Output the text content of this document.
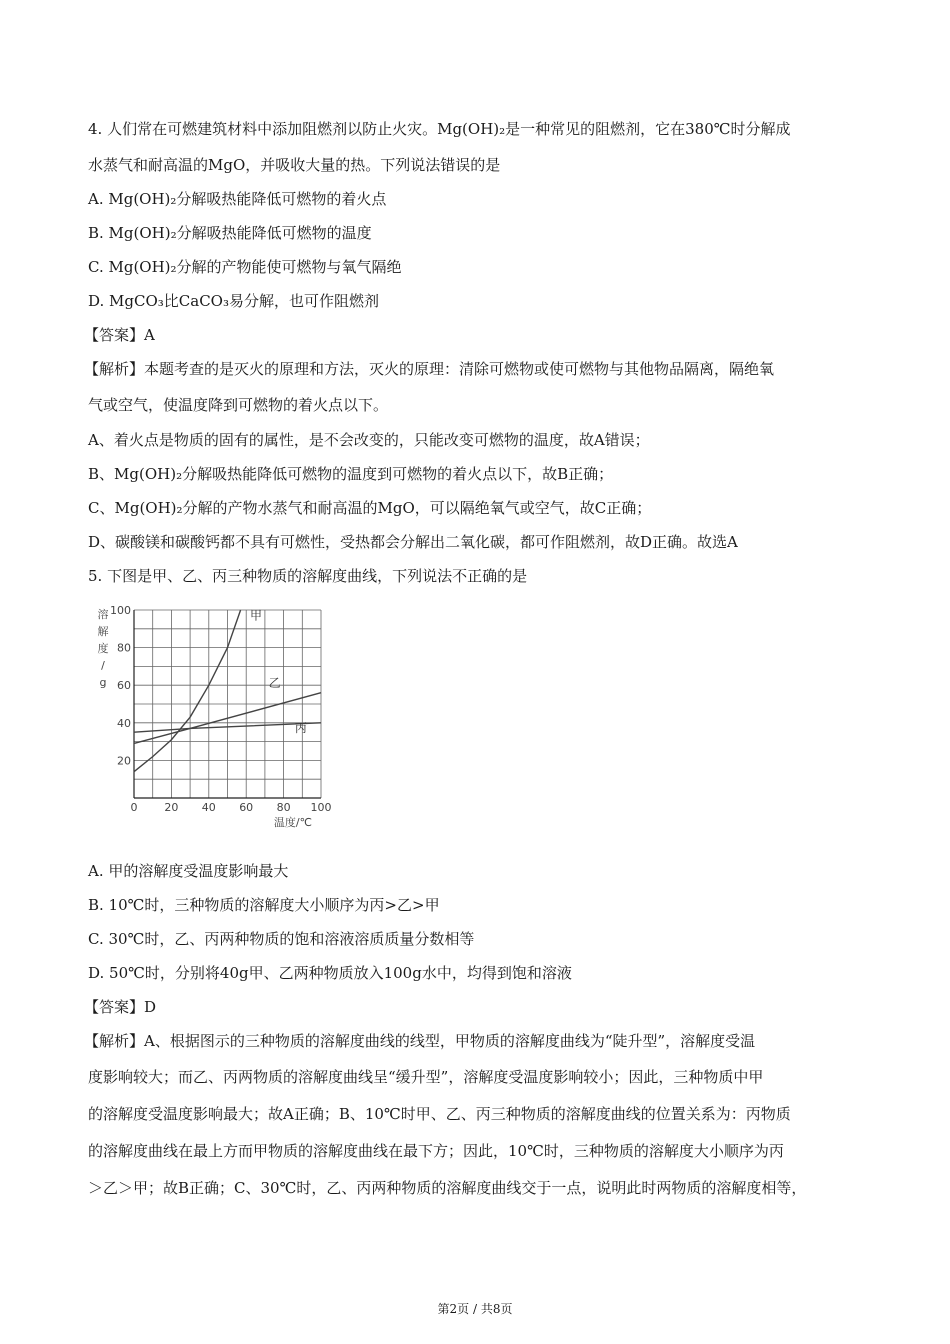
4. 人们常在可燃建筑材料中添加阻燃剂以防止火灾。Mg(OH)₂是一种常见的阻燃剂，它在380℃时分解成
水蒸气和耐高温的MgO，并吸收大量的热。下列说法错误的是
A. Mg(OH)₂分解吸热能降低可燃物的着火点
B. Mg(OH)₂分解吸热能降低可燃物的温度
C. Mg(OH)₂分解的产物能使可燃物与氧气隔绝
D. MgCO₃比CaCO₃易分解，也可作阻燃剂
【答案】A
【解析】本题考查的是灭火的原理和方法，灭火的原理：清除可燃物或使可燃物与其他物品隔离，隔绝氧
气或空气，使温度降到可燃物的着火点以下。
A、着火点是物质的固有的属性，是不会改变的，只能改变可燃物的温度，故A错误；
B、Mg(OH)₂分解吸热能降低可燃物的温度到可燃物的着火点以下，故B正确；
C、Mg(OH)₂分解的产物水蒸气和耐高温的MgO，可以隔绝氧气或空气，故C正确；
D、碳酸镁和碳酸钙都不具有可燃性，受热都会分解出二氧化碳，都可作阻燃剂，故D正确。故选A
5. 下图是甲、乙、丙三种物质的溶解度曲线，下列说法不正确的是
20
40
60
80
100
0 20 40 60 80 100
温度/℃
溶
解
度
/
g
甲
乙
丙
A. 甲的溶解度受温度影响最大
B. 10℃时，三种物质的溶解度大小顺序为丙>乙>甲
C. 30℃时，乙、丙两种物质的饱和溶液溶质质量分数相等
D. 50℃时，分别将40g甲、乙两种物质放入100g水中，均得到饱和溶液
【答案】D
【解析】A、根据图示的三种物质的溶解度曲线的线型，甲物质的溶解度曲线为“陡升型”，溶解度受温
度影响较大；而乙、丙两物质的溶解度曲线呈“缓升型”，溶解度受温度影响较小；因此，三种物质中甲
的溶解度受温度影响最大；故A正确；B、10℃时甲、乙、丙三种物质的溶解度曲线的位置关系为：丙物质
的溶解度曲线在最上方而甲物质的溶解度曲线在最下方；因此，10℃时，三种物质的溶解度大小顺序为丙
＞乙＞甲；故B正确；C、30℃时，乙、丙两种物质的溶解度曲线交于一点，说明此时两物质的溶解度相等，
第2页 / 共8页
